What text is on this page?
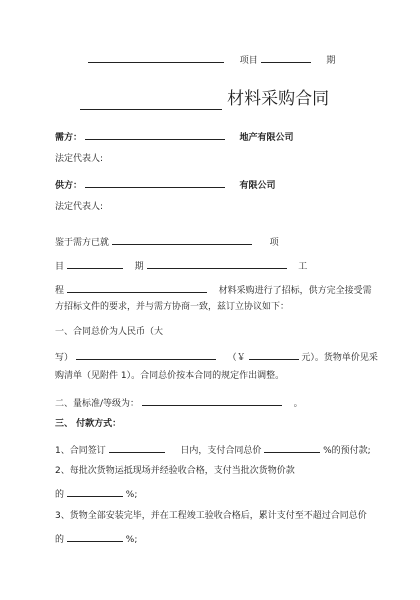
项目	期
材料采购合同
需方：	地产有限公司
法定代表人:
供方：	有限公司
法定代表人:
鉴于需方已就	项
目	期	工
程	材料采购进行了招标，供方完全接受需
方招标文件的要求，并与需方协商一致，兹订立协议如下：
一、合同总价为人民币（大
写）	（￥	元）。货物单价见采
购清单（见附件 1）。合同总价按本合同的规定作出调整。
二、量标准/等级为：	。
三、 付款方式：
1、合同签订	日内，支付合同总价	%的预付款;
2、每批次货物运抵现场并经验收合格，支付当批次货物价款
的	%;
3、货物全部安装完毕，并在工程竣工验收合格后，累计支付至不超过合同总价
的	%;
